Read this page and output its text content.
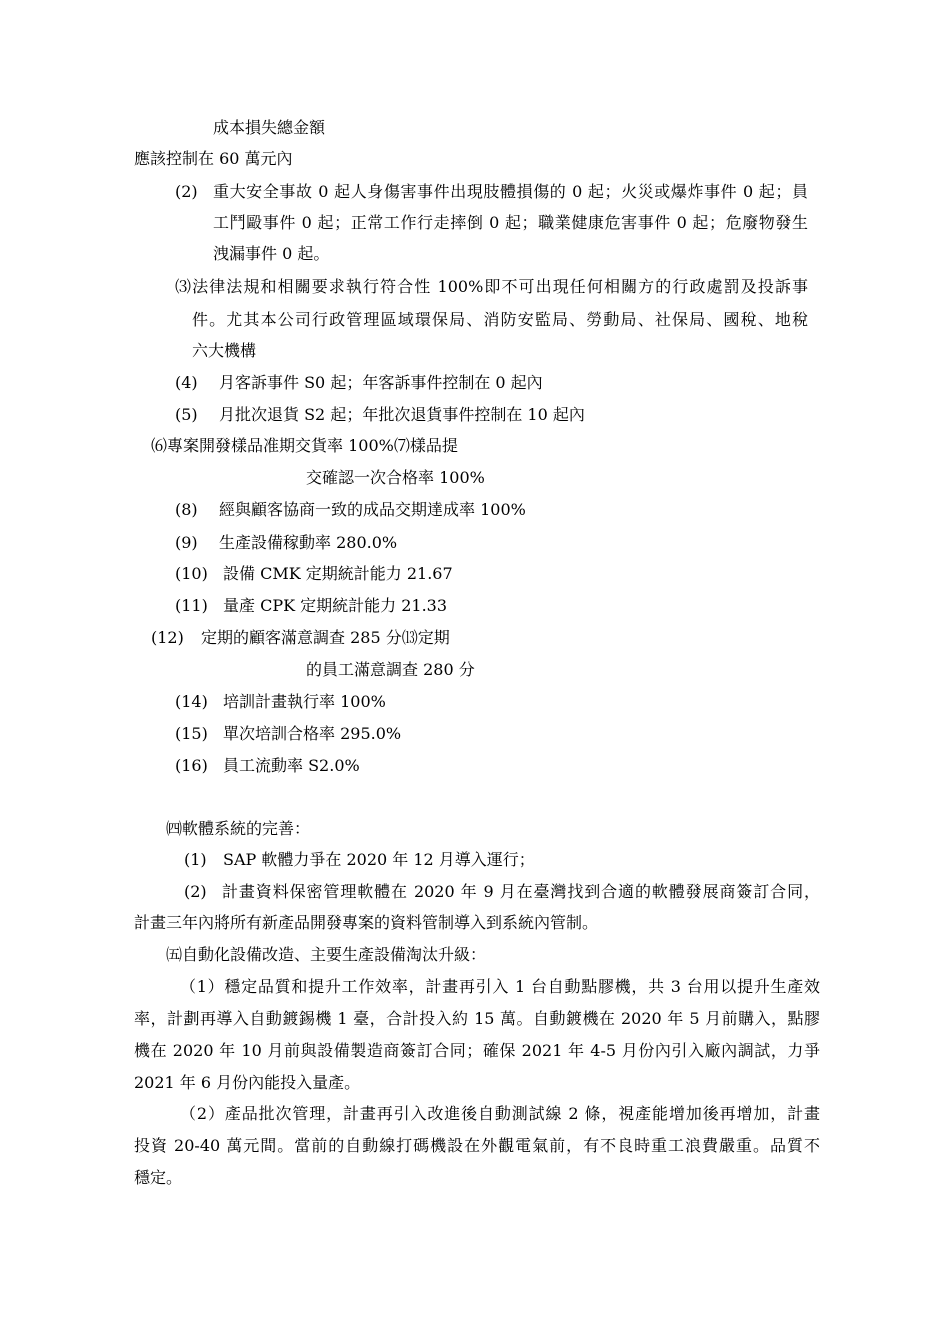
成本損失總金額
應該控制在 60 萬元內
(2) 重大安全事故 0 起人身傷害事件出現肢體損傷的 0 起；火災或爆炸事件 0 起；員
工鬥毆事件 0 起；正常工作行走摔倒 0 起；職業健康危害事件 0 起；危廢物發生
洩漏事件 0 起。
⑶法律法規和相關要求執行符合性 100%即不可出現任何相關方的行政處罰及投訴事
件。尤其本公司行政管理區域環保局、消防安監局、勞動局、社保局、國稅、地稅
六大機構
(4) 月客訴事件 S0 起；年客訴事件控制在 0 起內
(5) 月批次退貨 S2 起；年批次退貨事件控制在 10 起內
⑹專案開發樣品准期交貨率 100%⑺樣品提
交確認一次合格率 100%
(8) 經與顧客協商一致的成品交期達成率 100%
(9) 生產設備稼動率 280.0%
(10) 設備 CMK 定期統計能力 21.67
(11) 量產 CPK 定期統計能力 21.33
(12) 定期的顧客滿意調查 285 分⒀定期
的員工滿意調查 280 分
(14) 培訓計畫執行率 100%
(15) 單次培訓合格率 295.0%
(16) 員工流動率 S2.0%
㈣軟體系統的完善：
(1) SAP 軟體力爭在 2020 年 12 月導入運行；
(2) 計畫資料保密管理軟體在 2020 年 9 月在臺灣找到合適的軟體發展商簽訂合同，
計畫三年內將所有新產品開發專案的資料管制導入到系統內管制。
㈤自動化設備改造、主要生產設備淘汰升級：
（1）穩定品質和提升工作效率，計畫再引入 1 台自動點膠機，共 3 台用以提升生產效
率，計劃再導入自動鍍錫機 1 臺，合計投入約 15 萬。自動鍍機在 2020 年 5 月前購入，點膠
機在 2020 年 10 月前與設備製造商簽訂合同；確保 2021 年 4-5 月份內引入廠內調試，力爭
2021 年 6 月份內能投入量產。
（2）產品批次管理，計畫再引入改進後自動測試線 2 條，視產能增加後再增加，計畫
投資 20-40 萬元間。當前的自動線打碼機設在外觀電氣前，有不良時重工浪費嚴重。品質不
穩定。
